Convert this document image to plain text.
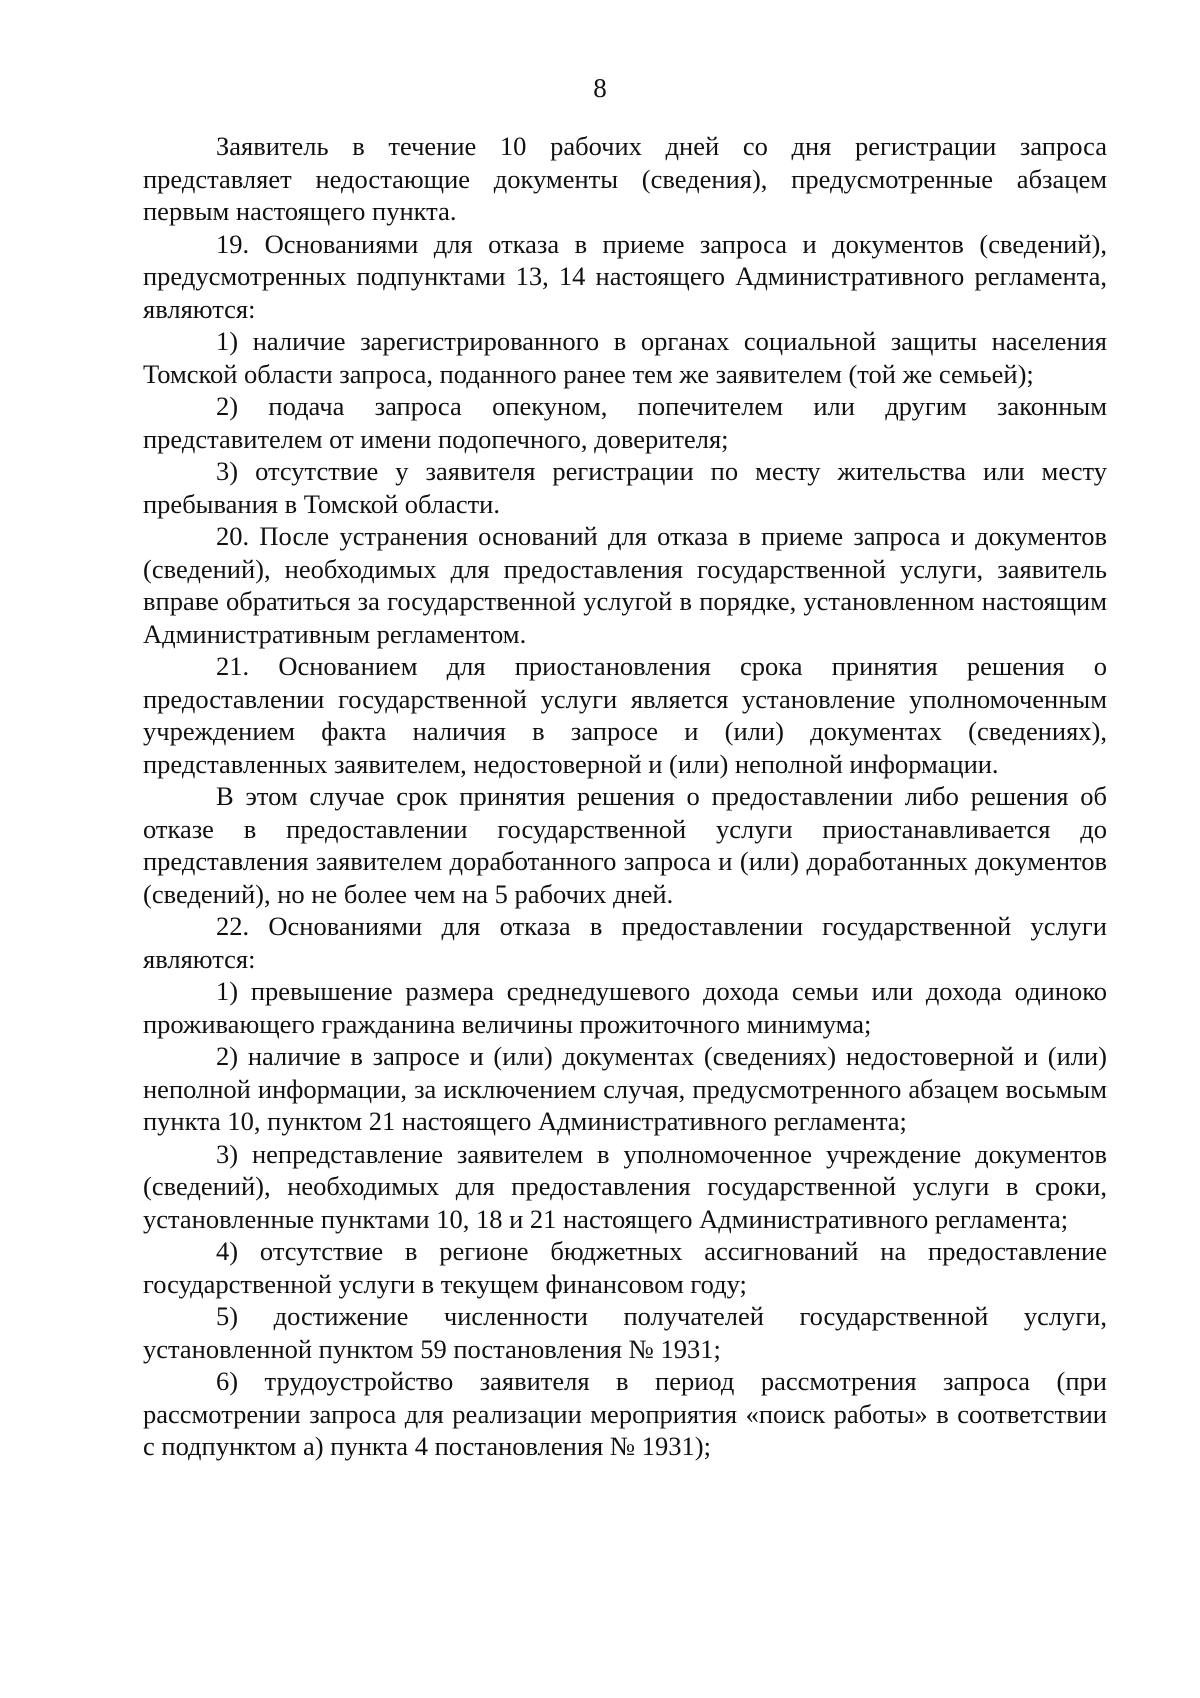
8

Заявитель в течение 10 рабочих дней со дня регистрации запроса представляет недостающие документы (сведения), предусмотренные абзацем первым настоящего пункта.

19. Основаниями для отказа в приеме запроса и документов (сведений), предусмотренных подпунктами 13, 14 настоящего Административного регламента, являются:

1) наличие зарегистрированного в органах социальной защиты населения Томской области запроса, поданного ранее тем же заявителем (той же семьей);

2) подача запроса опекуном, попечителем или другим законным представителем от имени подопечного, доверителя;

3) отсутствие у заявителя регистрации по месту жительства или месту пребывания в Томской области.

20. После устранения оснований для отказа в приеме запроса и документов (сведений), необходимых для предоставления государственной услуги, заявитель вправе обратиться за государственной услугой в порядке, установленном настоящим Административным регламентом.

21. Основанием для приостановления срока принятия решения о предоставлении государственной услуги является установление уполномоченным учреждением факта наличия в запросе и (или) документах (сведениях), представленных заявителем, недостоверной и (или) неполной информации.

В этом случае срок принятия решения о предоставлении либо решения об отказе в предоставлении государственной услуги приостанавливается до представления заявителем доработанного запроса и (или) доработанных документов (сведений), но не более чем на 5 рабочих дней.

22. Основаниями для отказа в предоставлении государственной услуги являются:

1) превышение размера среднедушевого дохода семьи или дохода одиноко проживающего гражданина величины прожиточного минимума;

2) наличие в запросе и (или) документах (сведениях) недостоверной и (или) неполной информации, за исключением случая, предусмотренного абзацем восьмым пункта 10, пунктом 21 настоящего Административного регламента;

3) непредставление заявителем в уполномоченное учреждение документов (сведений), необходимых для предоставления государственной услуги в сроки, установленные пунктами 10, 18 и 21 настоящего Административного регламента;

4) отсутствие в регионе бюджетных ассигнований на предоставление государственной услуги в текущем финансовом году;

5) достижение численности получателей государственной услуги, установленной пунктом 59 постановления № 1931;

6) трудоустройство заявителя в период рассмотрения запроса (при рассмотрении запроса для реализации мероприятия «поиск работы» в соответствии с подпунктом а) пункта 4 постановления № 1931);
